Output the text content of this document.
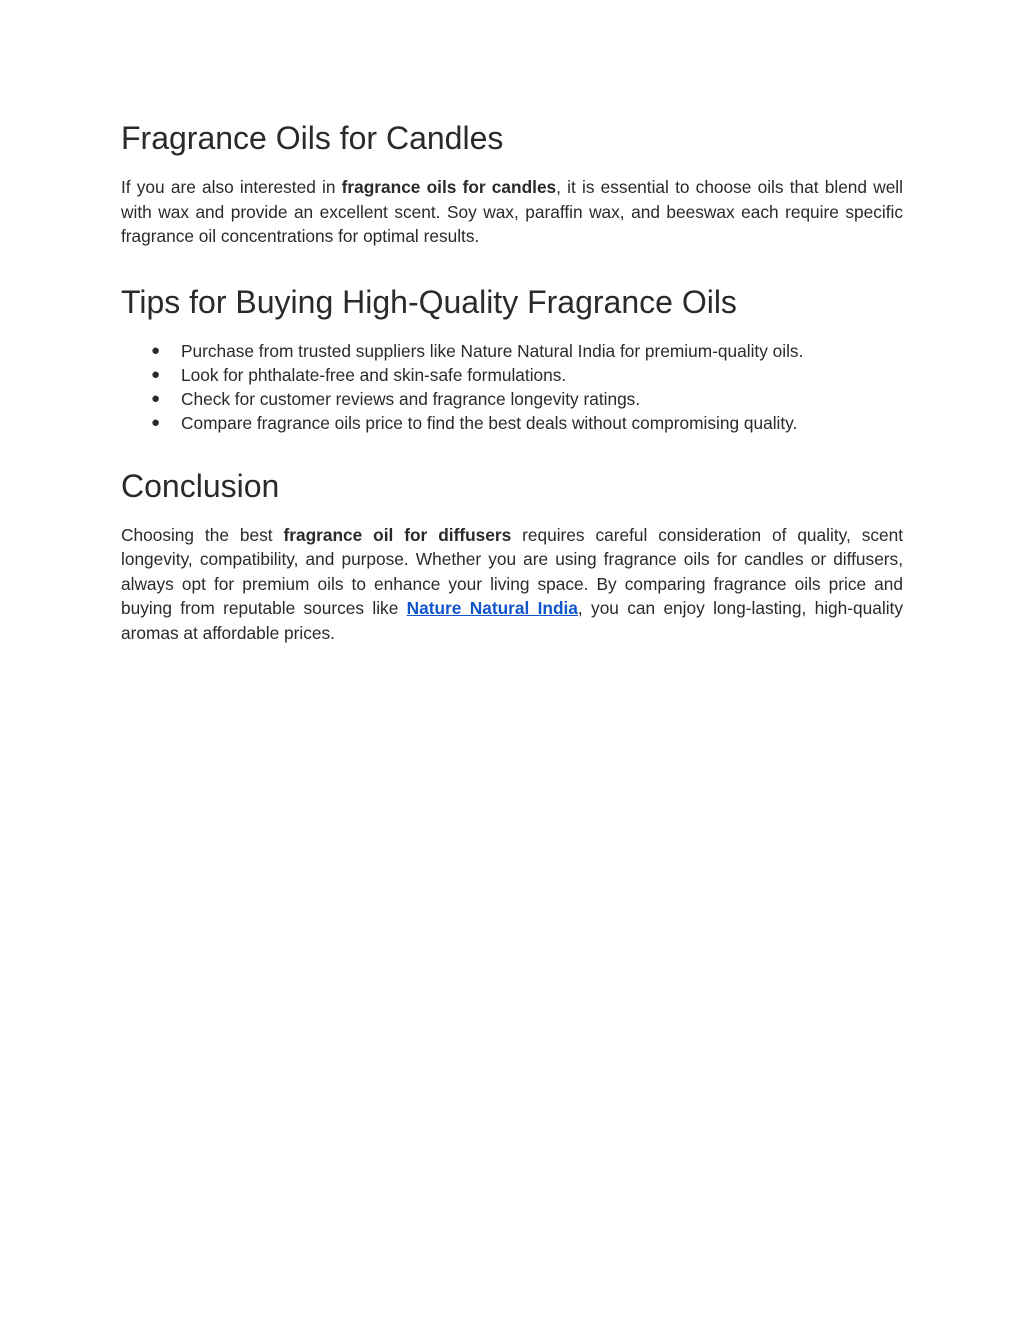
Fragrance Oils for Candles

If you are also interested in fragrance oils for candles, it is essential to choose oils that blend well with wax and provide an excellent scent. Soy wax, paraffin wax, and beeswax each require specific fragrance oil concentrations for optimal results.

Tips for Buying High-Quality Fragrance Oils
● Purchase from trusted suppliers like Nature Natural India for premium-quality oils.
● Look for phthalate-free and skin-safe formulations.
● Check for customer reviews and fragrance longevity ratings.
● Compare fragrance oils price to find the best deals without compromising quality.
Conclusion

Choosing the best fragrance oil for diffusers requires careful consideration of quality, scent longevity, compatibility, and purpose. Whether you are using fragrance oils for candles or diffusers, always opt for premium oils to enhance your living space. By comparing fragrance oils price and buying from reputable sources like Nature Natural India, you can enjoy long-lasting, high-quality aromas at affordable prices.
